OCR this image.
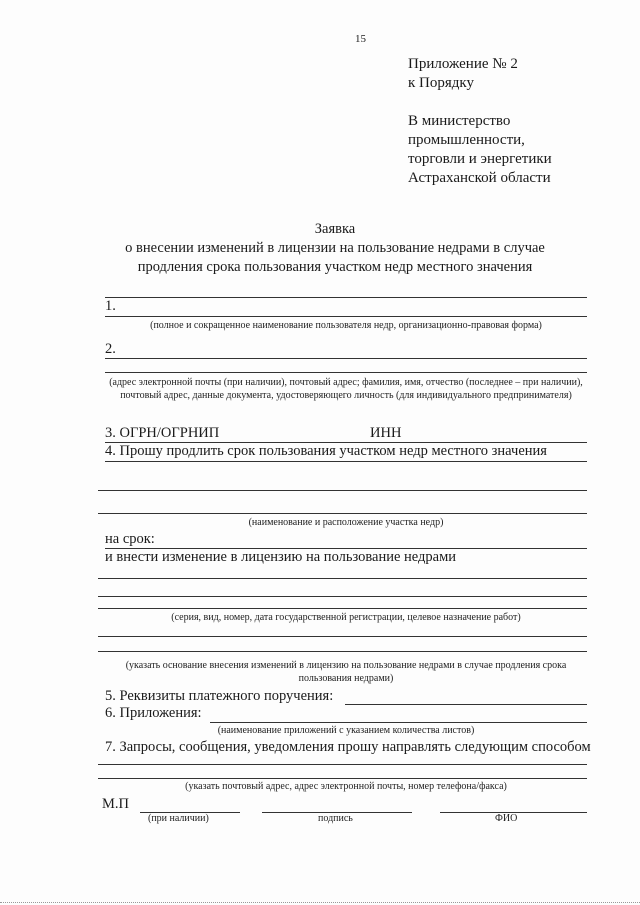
15
Приложение № 2
к Порядку
В министерство
промышленности,
торговли и энергетики
Астраханской области
Заявка
о внесении изменений в лицензии на пользование недрами в случае
продления срока пользования участком недр местного значения
1.
(полное и сокращенное наименование пользователя недр, организационно-правовая форма)
2.
(адрес электронной почты (при наличии), почтовый адрес; фамилия, имя, отчество (последнее – при наличии), почтовый адрес, данные документа, удостоверяющего личность (для индивидуального предпринимателя)
3. ОГРН/ОГРНИП	ИНН
4. Прошу продлить срок пользования участком недр местного значения
(наименование и расположение участка недр)
на срок:
и внести изменение в лицензию на пользование недрами
(серия, вид, номер, дата государственной регистрации, целевое назначение работ)
(указать основание внесения изменений в лицензию на пользование недрами в случае продления срока пользования недрами)
5. Реквизиты платежного поручения:
6. Приложения:
(наименование приложений с указанием количества листов)
7. Запросы, сообщения, уведомления прошу направлять следующим способом
(указать почтовый адрес, адрес электронной почты, номер телефона/факса)
М.П
(при наличии)	подпись	ФИО
